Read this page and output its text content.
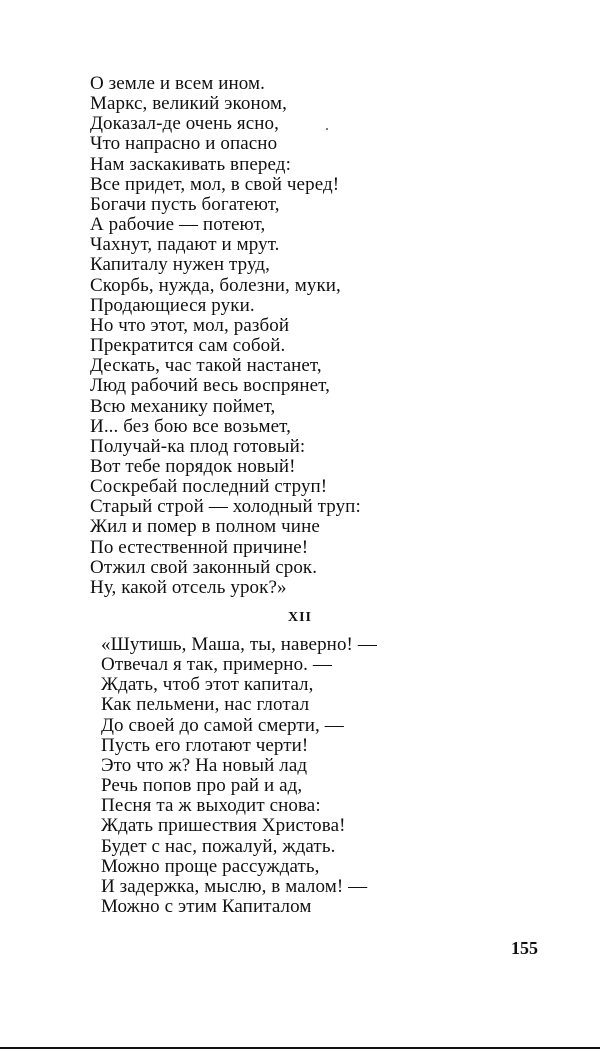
О земле и всем ином.
Маркс, великий эконом,
Доказал-де очень ясно,
Что напрасно и опасно
Нам заскакивать вперед:
Все придет, мол, в свой черед!
Богачи пусть богатеют,
А рабочие — потеют,
Чахнут, падают и мрут.
Капиталу нужен труд,
Скорбь, нужда, болезни, муки,
Продающиеся руки.
Но что этот, мол, разбой
Прекратится сам собой.
Дескать, час такой настанет,
Люд рабочий весь воспрянет,
Всю механику поймет,
И... без бою все возьмет,
Получай-ка плод готовый:
Вот тебе порядок новый!
Соскребай последний струп!
Старый строй — холодный труп:
Жил и помер в полном чине
По естественной причине!
Отжил свой законный срок.
Ну, какой отсель урок?»
XII
«Шутишь, Маша, ты, наверно! —
Отвечал я так, примерно. —
Ждать, чтоб этот капитал,
Как пельмени, нас глотал
До своей до самой смерти, —
Пусть его глотают черти!
Это что ж? На новый лад
Речь попов про рай и ад,
Песня та ж выходит снова:
Ждать пришествия Христова!
Будет с нас, пожалуй, ждать.
Можно проще рассуждать,
И задержка, мыслю, в малом! —
Можно с этим Капиталом
155
